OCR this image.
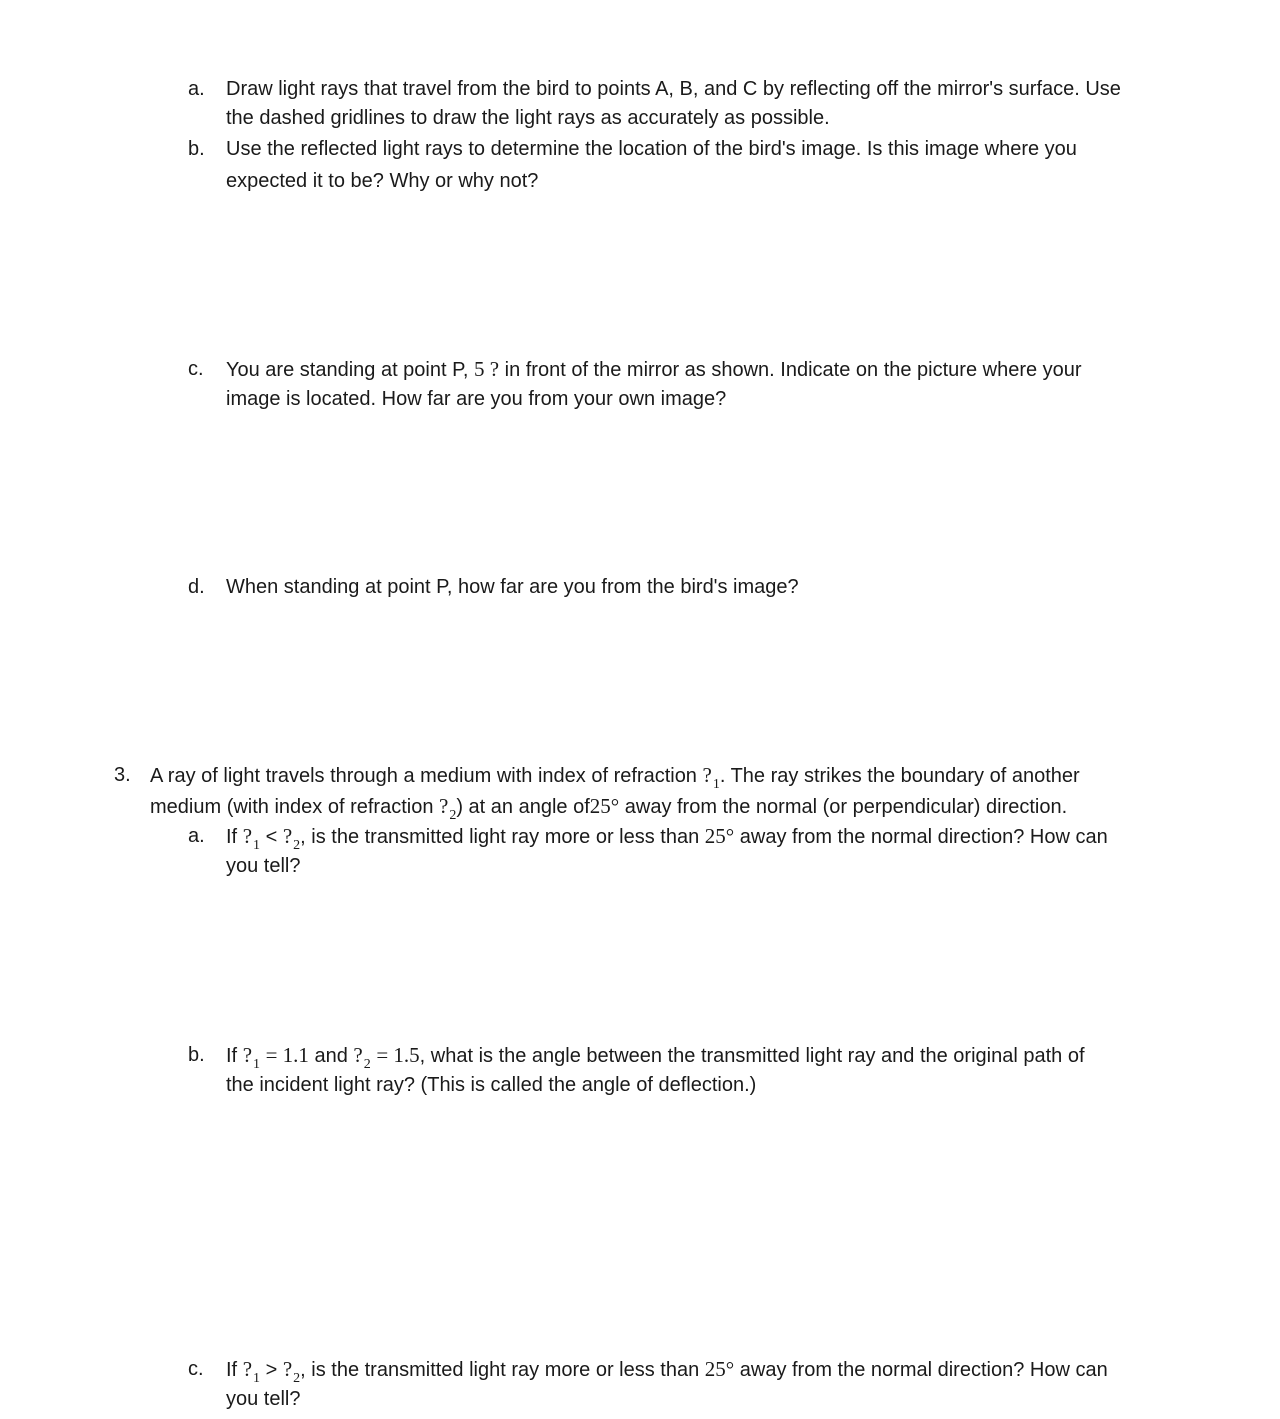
a. Draw light rays that travel from the bird to points A, B, and C by reflecting off the mirror's surface. Use
the dashed gridlines to draw the light rays as accurately as possible.
b. Use the reflected light rays to determine the location of the bird's image. Is this image where you
expected it to be? Why or why not?
c. You are standing at point P, 5 ? in front of the mirror as shown. Indicate on the picture where your
image is located. How far are you from your own image?
d. When standing at point P, how far are you from the bird's image?
3. A ray of light travels through a medium with index of refraction $?_1$. The ray strikes the boundary of another
medium (with index of refraction $?_2$) at an angle of25° away from the normal (or perpendicular) direction.
a. If $?_1$ < $?_2$, is the transmitted light ray more or less than 25° away from the normal direction? How can
you tell?
b. If $?_1 = 1.1$ and $?_2 = 1.5$, what is the angle between the transmitted light ray and the original path of
the incident light ray? (This is called the angle of deflection.)
c. If $?_1$ > $?_2$, is the transmitted light ray more or less than 25° away from the normal direction? How can
you tell?
